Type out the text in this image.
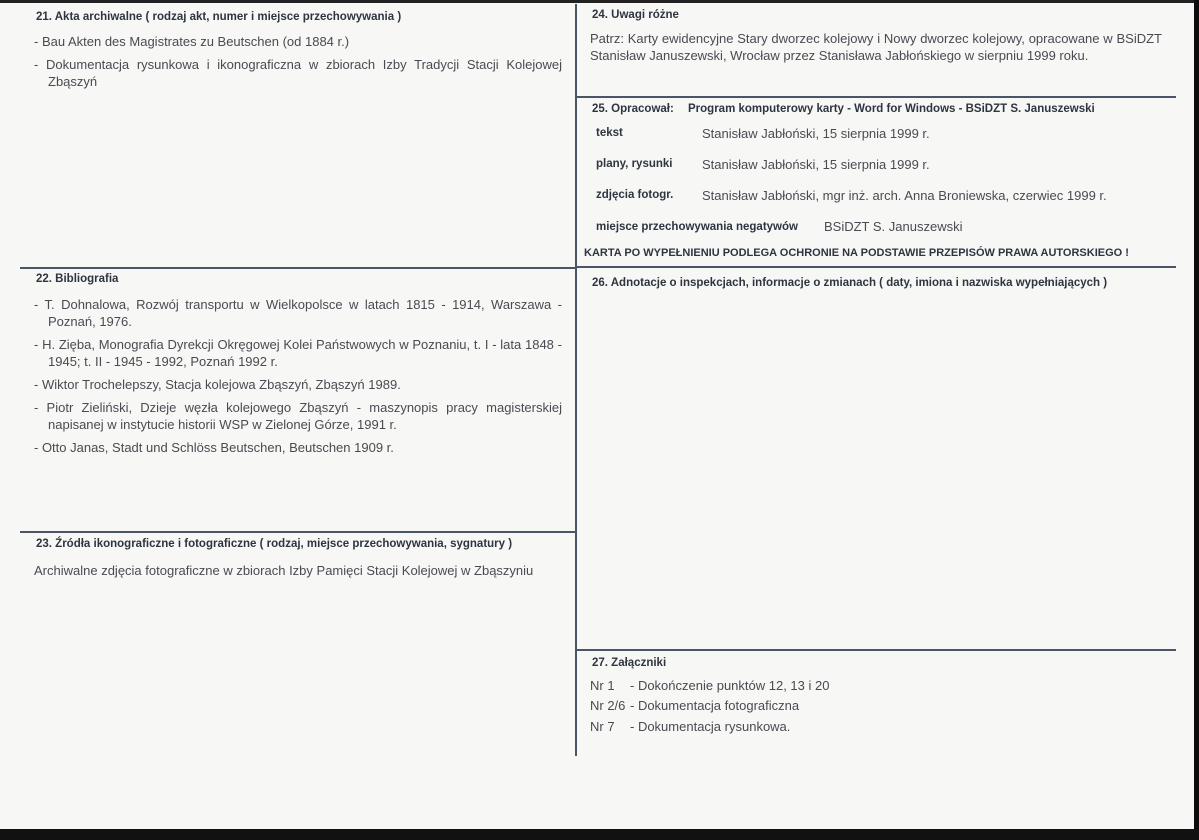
21. Akta archiwalne ( rodzaj akt, numer i miejsce przechowywania )
- Bau Akten des Magistrates zu Beutschen (od 1884 r.)
- Dokumentacja rysunkowa i ikonograficzna w zbiorach Izby Tradycji Stacji Kolejowej Zbąszyń
22. Bibliografia
- T. Dohnalowa, Rozwój transportu w Wielkopolsce w latach 1815 - 1914, Warszawa - Poznań, 1976.
- H. Zięba, Monografia Dyrekcji Okręgowej Kolei Państwowych w Poznaniu, t. I - lata 1848 - 1945; t. II - 1945 - 1992, Poznań 1992 r.
- Wiktor Trochelepszy, Stacja kolejowa Zbąszyń, Zbąszyń 1989.
- Piotr Zieliński, Dzieje węzła kolejowego Zbąszyń - maszynopis pracy magisterskiej napisanej w instytucie historii WSP w Zielonej Górze, 1991 r.
- Otto Janas, Stadt und Schlöss Beutschen, Beutschen 1909 r.
23. Źródła ikonograficzne i fotograficzne ( rodzaj, miejsce przechowywania, sygnatury )
Archiwalne zdjęcia fotograficzne w zbiorach Izby Pamięci Stacji Kolejowej w Zbąszyniu
24. Uwagi różne
Patrz: Karty ewidencyjne Stary dworzec kolejowy i Nowy dworzec kolejowy, opracowane w BSiDZT Stanisław Januszewski, Wrocław przez Stanisława Jabłońskiego w sierpniu 1999 roku.
25. Opracował: Program komputerowy karty - Word for Windows - BSiDZT S. Januszewski
tekst	Stanisław Jabłoński, 15 sierpnia 1999 r.
plany, rysunki Stanisław Jabłoński, 15 sierpnia 1999 r.
zdjęcia fotogr. Stanisław Jabłoński, mgr inż. arch. Anna Broniewska, czerwiec 1999 r.
miejsce przechowywania negatywów BSiDZT S. Januszewski
KARTA PO WYPEŁNIENIU PODLEGA OCHRONIE NA PODSTAWIE PRZEPISÓW PRAWA AUTORSKIEGO !
26. Adnotacje o inspekcjach, informacje o zmianach ( daty, imiona i nazwiska wypełniających )
27. Załączniki
Nr 1 - Dokończenie punktów 12, 13 i 20
Nr 2/6 - Dokumentacja fotograficzna
Nr 7 - Dokumentacja rysunkowa.
